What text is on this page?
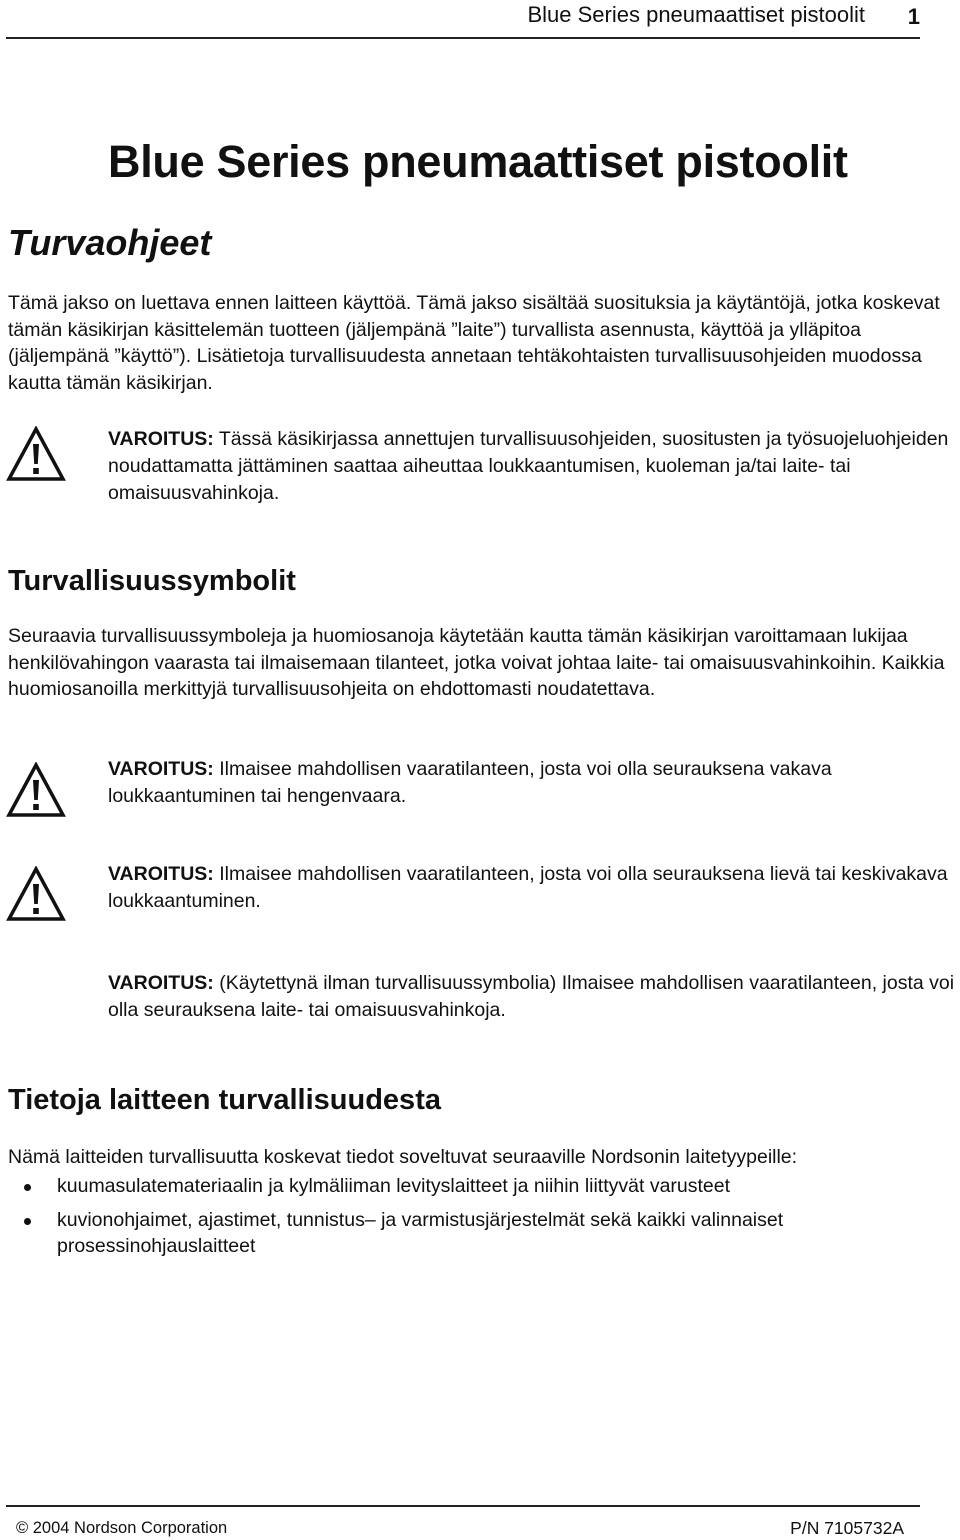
Blue Series pneumaattiset pistoolit 1
Blue Series pneumaattiset pistoolit
Turvaohjeet

Tämä jakso on luettava ennen laitteen käyttöä. Tämä jakso sisältää suosituksia ja käytäntöjä, jotka koskevat tämän käsikirjan käsittelemän tuotteen (jäljempänä ”laite”) turvallista asennusta, käyttöä ja ylläpitoa (jäljempänä ”käyttö”). Lisätietoja turvallisuudesta annetaan tehtäkohtaisten turvallisuusohjeiden muodossa kautta tämän käsikirjan.

VAROITUS: Tässä käsikirjassa annettujen turvallisuusohjeiden, suositusten ja työsuojeluohjeiden noudattamatta jättäminen saattaa aiheuttaa loukkaantumisen, kuoleman ja/tai laite- tai omaisuusvahinkoja.

Turvallisuussymbolit

Seuraavia turvallisuussymboleja ja huomiosanoja käytetään kautta tämän käsikirjan varoittamaan lukijaa henkilövahingon vaarasta tai ilmaisemaan tilanteet, jotka voivat johtaa laite- tai omaisuusvahinkoihin. Kaikkia huomiosanoilla merkittyjä turvallisuusohjeita on ehdottomasti noudatettava.

VAROITUS: Ilmaisee mahdollisen vaaratilanteen, josta voi olla seurauksena vakava loukkaantuminen tai hengenvaara.

VAROITUS: Ilmaisee mahdollisen vaaratilanteen, josta voi olla seurauksena lievä tai keskivakava loukkaantuminen.

VAROITUS: (Käytettynä ilman turvallisuussymbolia) Ilmaisee mahdollisen vaaratilanteen, josta voi olla seurauksena laite- tai omaisuusvahinkoja.

Tietoja laitteen turvallisuudesta

Nämä laitteiden turvallisuutta koskevat tiedot soveltuvat seuraaville Nordsonin laitetyypeille:

kuumasulatemateriaalin ja kylmäliiman levityslaitteet ja niihin liittyvät varusteet
kuvionohjaimet, ajastimet, tunnistus– ja varmistusjärjestelmät sekä kaikki valinnaiset prosessinohjauslaitteet
© 2004 Nordson Corporation	P/N 7105732A
